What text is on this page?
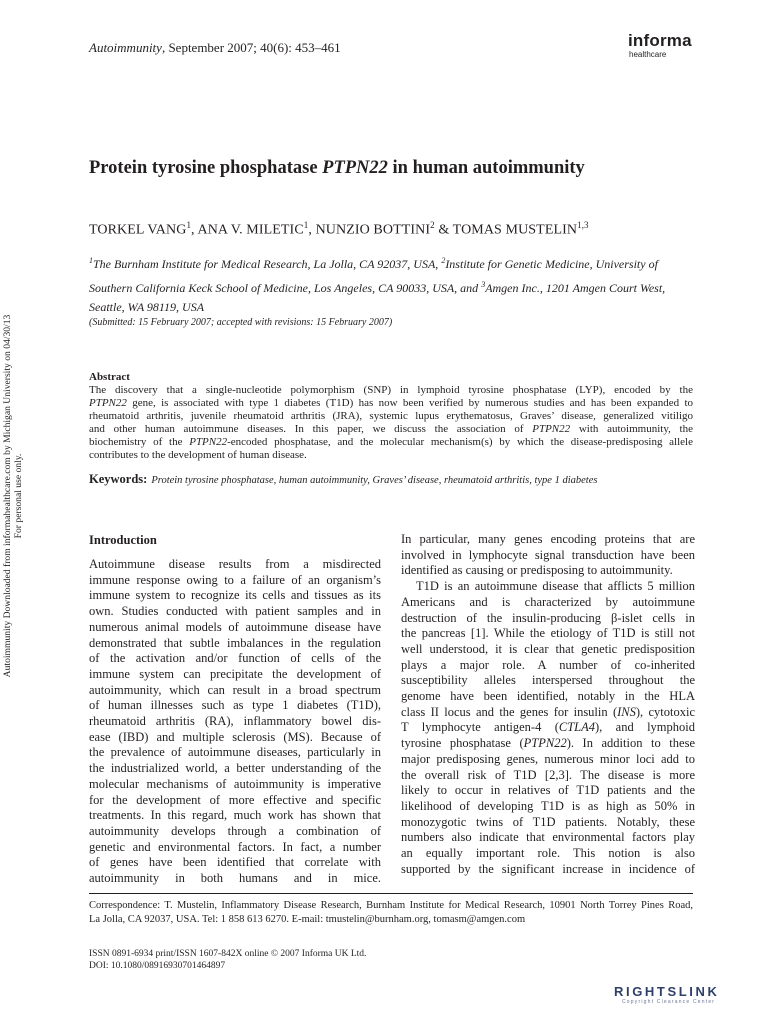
Autoimmunity, September 2007; 40(6): 453–461	informa
healthcare
Autoimmunity Downloaded from informahealthcare.com by Michigan University on 04/30/13 For personal use only.
Protein tyrosine phosphatase PTPN22 in human autoimmunity
TORKEL VANG$^1$, ANA V. MILETIC$^1$, NUNZIO BOTTINI$^2$ & TOMAS MUSTELIN$^{1,3}$
$^1$The Burnham Institute for Medical Research, La Jolla, CA 92037, USA, $^2$Institute for Genetic Medicine, University of
Southern California Keck School of Medicine, Los Angeles, CA 90033, USA, and $^3$Amgen Inc., 1201 Amgen Court West,
Seattle, WA 98119, USA
(Submitted: 15 February 2007; accepted with revisions: 15 February 2007)
Abstract
The discovery that a single-nucleotide polymorphism (SNP) in lymphoid tyrosine phosphatase (LYP), encoded by the
PTPN22 gene, is associated with type 1 diabetes (T1D) has now been verified by numerous studies and has been expanded to
rheumatoid arthritis, juvenile rheumatoid arthritis (JRA), systemic lupus erythematosus, Graves’ disease, generalized vitiligo
and other human autoimmune diseases. In this paper, we discuss the association of PTPN22 with autoimmunity, the
biochemistry of the PTPN22-encoded phosphatase, and the molecular mechanism(s) by which the disease-predisposing allele
contributes to the development of human disease.
Keywords: Protein tyrosine phosphatase, human autoimmunity, Graves’ disease, rheumatoid arthritis, type 1 diabetes
Introduction
Autoimmune disease results from a misdirected
immune response owing to a failure of an organism’s
immune system to recognize its cells and tissues as its
own. Studies conducted with patient samples and in
numerous animal models of autoimmune disease have
demonstrated that subtle imbalances in the regulation
of the activation and/or function of cells of the
immune system can precipitate the development of
autoimmunity, which can result in a broad spectrum
of human illnesses such as type 1 diabetes (T1D),
rheumatoid arthritis (RA), inflammatory bowel dis-
ease (IBD) and multiple sclerosis (MS). Because of
the prevalence of autoimmune diseases, particularly in
the industrialized world, a better understanding of the
molecular mechanisms of autoimmunity is imperative
for the development of more effective and specific
treatments. In this regard, much work has shown that
autoimmunity develops through a combination of
genetic and environmental factors. In fact, a number
of genes have been identified that correlate with
autoimmunity in both humans and in mice.
In particular, many genes encoding proteins that are
involved in lymphocyte signal transduction have been
identified as causing or predisposing to autoimmunity.
T1D is an autoimmune disease that afflicts 5 million
Americans and is characterized by autoimmune
destruction of the insulin-producing β-islet cells in
the pancreas [1]. While the etiology of T1D is still not
well understood, it is clear that genetic predisposition
plays a major role. A number of co-inherited
susceptibility alleles interspersed throughout the
genome have been identified, notably in the HLA
class II locus and the genes for insulin (INS), cytotoxic
T lymphocyte antigen-4 (CTLA4), and lymphoid
tyrosine phosphatase (PTPN22). In addition to these
major predisposing genes, numerous minor loci add to
the overall risk of T1D [2,3]. The disease is more
likely to occur in relatives of T1D patients and the
likelihood of developing T1D is as high as 50% in
monozygotic twins of T1D patients. Notably, these
numbers also indicate that environmental factors play
an equally important role. This notion is also
supported by the significant increase in incidence of
Correspondence: T. Mustelin, Inflammatory Disease Research, Burnham Institute for Medical Research, 10901 North Torrey Pines Road,
La Jolla, CA 92037, USA. Tel: 1 858 613 6270. E-mail: tmustelin@burnham.org, tomasm@amgen.com
ISSN 0891-6934 print/ISSN 1607-842X online © 2007 Informa UK Ltd.
DOI: 10.1080/08916930701464897
RIGHTSLINK
Copyright Clearance Center
